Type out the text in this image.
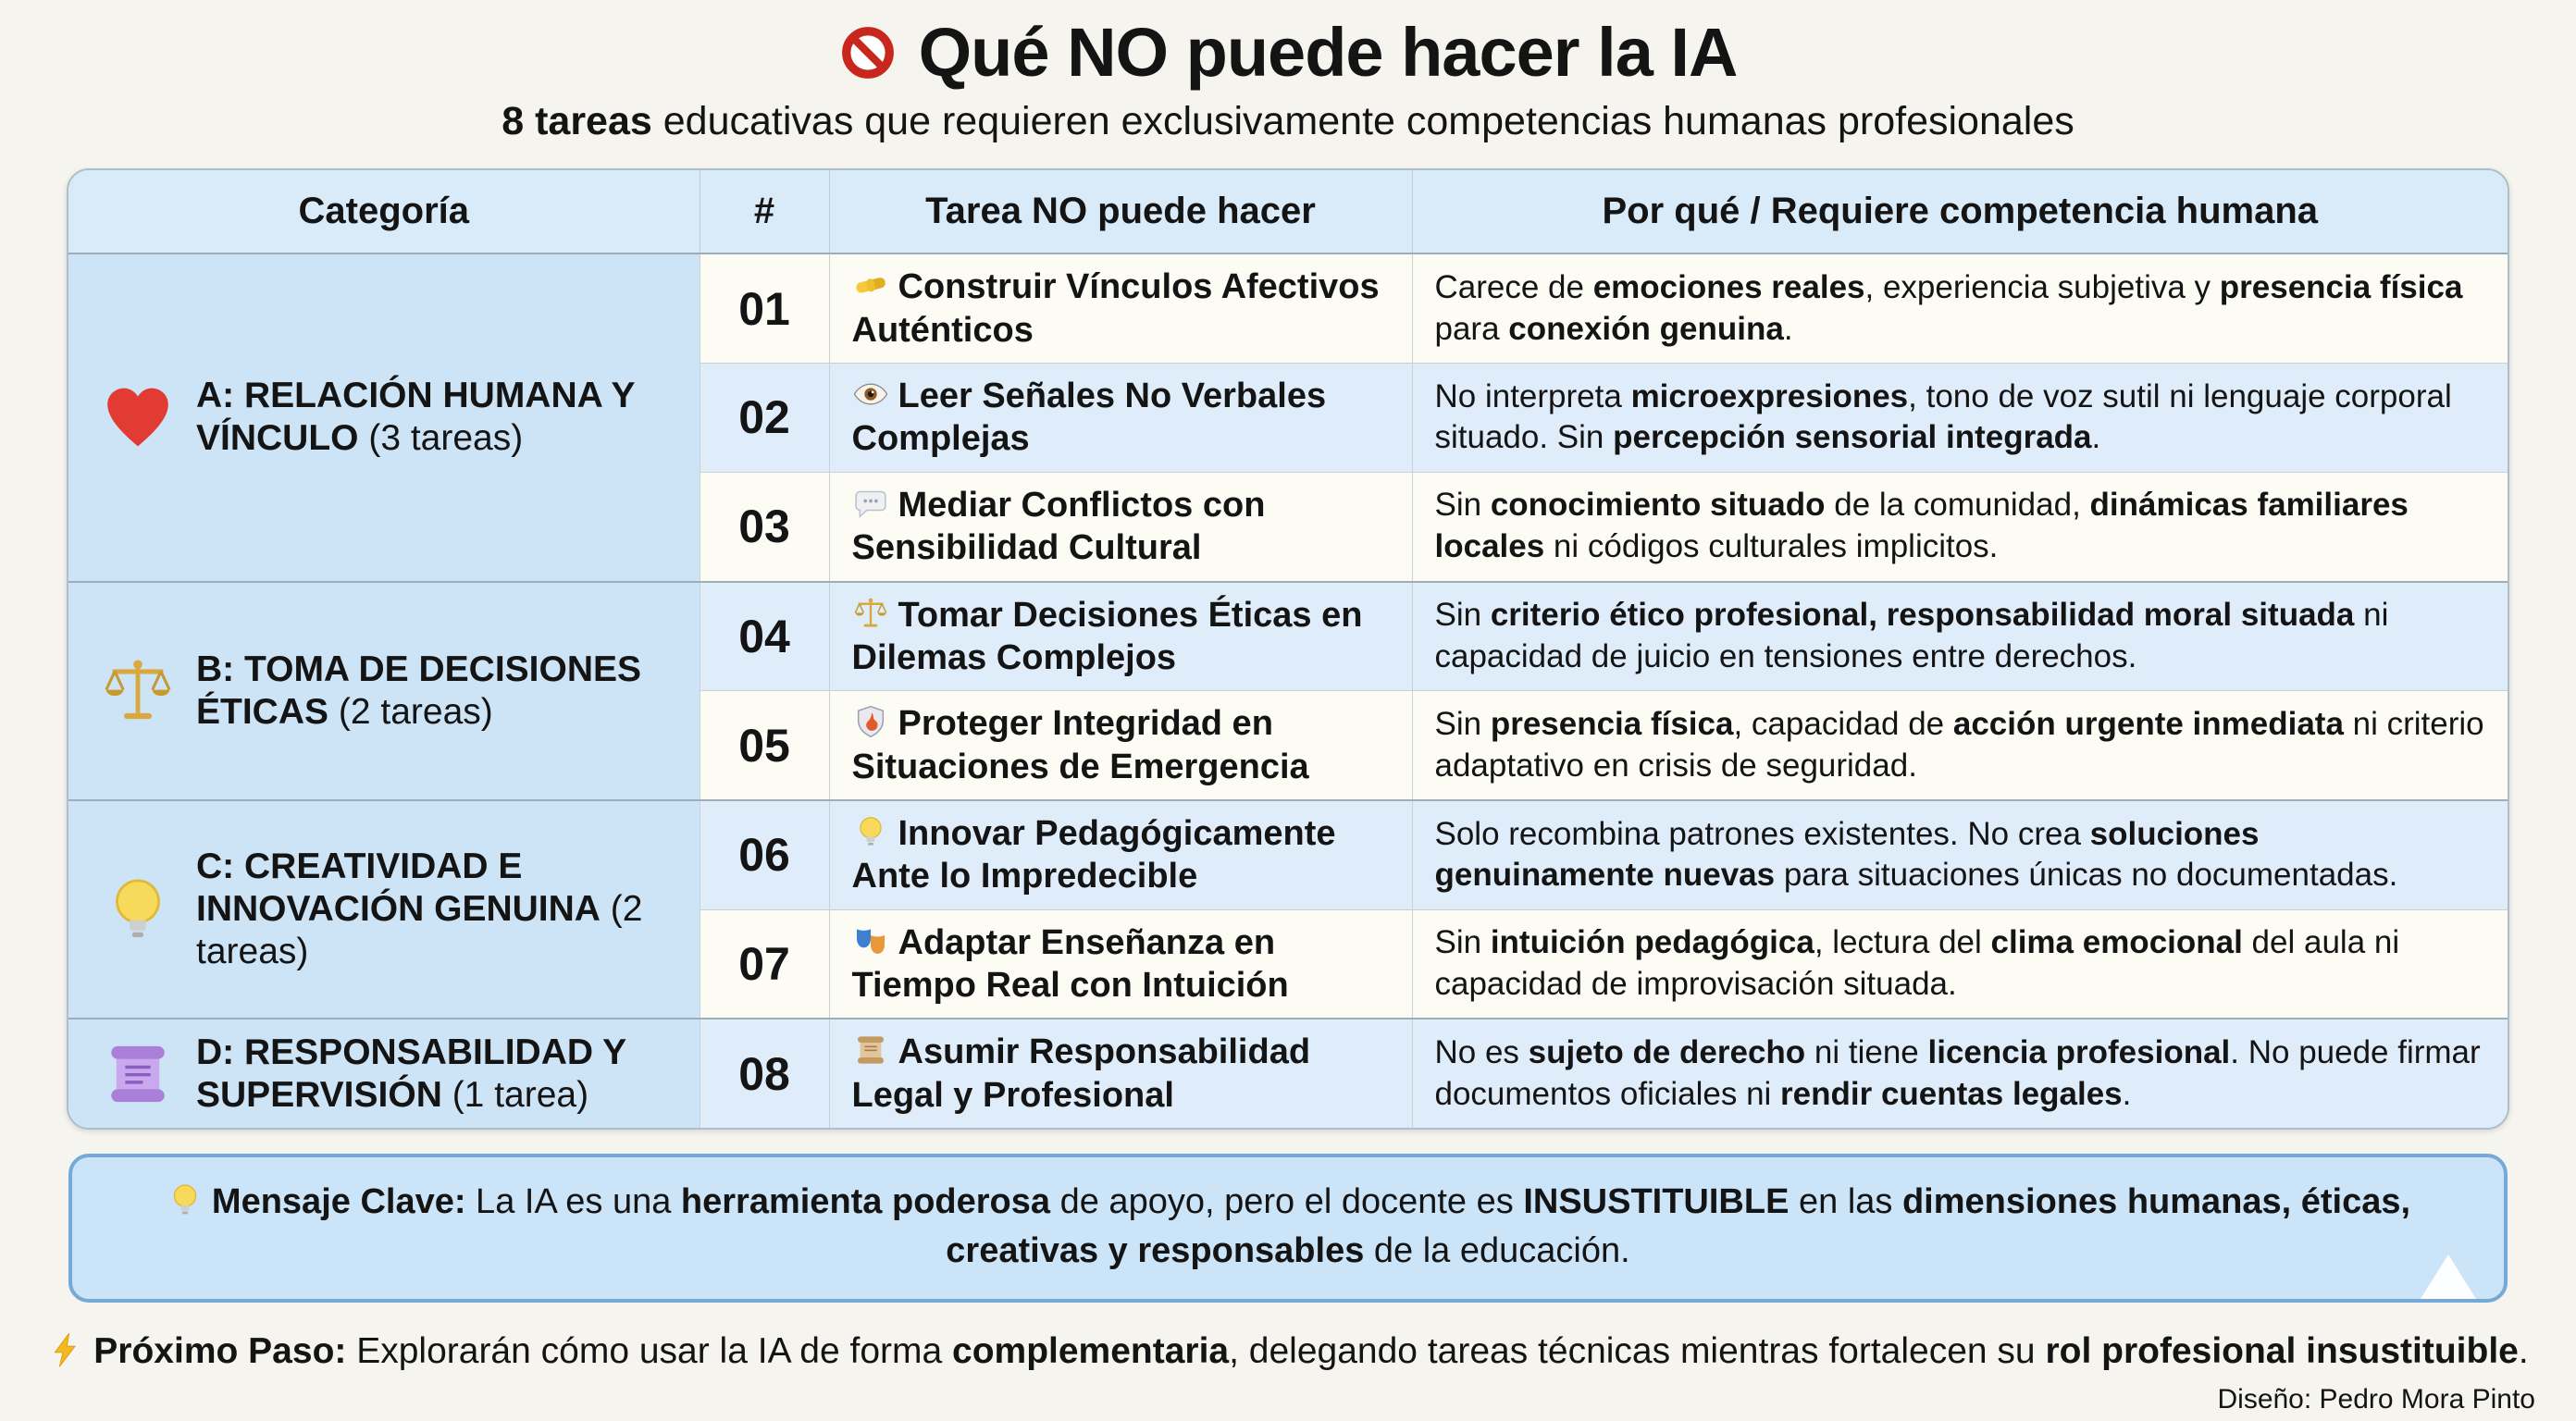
Qué NO puede hacer la IA

8 tareas educativas que requieren exclusivamente competencias humanas profesionales

Categoría	#	Tarea NO puede hacer	Por qué / Requiere competencia humana

A: RELACIÓN HUMANA Y VÍNCULO (3 tareas)	01	Construir Vínculos Afectivos Auténticos	Carece de emociones reales, experiencia subjetiva y presencia física para conexión genuina.
	02	Leer Señales No Verbales Complejas	No interpreta microexpresiones, tono de voz sutil ni lenguaje corporal situado. Sin percepción sensorial integrada.
	03	Mediar Conflictos con Sensibilidad Cultural	Sin conocimiento situado de la comunidad, dinámicas familiares locales ni códigos culturales implicitos.

B: TOMA DE DECISIONES ÉTICAS (2 tareas)	04	Tomar Decisiones Éticas en Dilemas Complejos	Sin criterio ético profesional, responsabilidad moral situada ni capacidad de juicio en tensiones entre derechos.
	05	Proteger Integridad en Situaciones de Emergencia	Sin presencia física, capacidad de acción urgente inmediata ni criterio adaptativo en crisis de seguridad.

C: CREATIVIDAD E INNOVACIÓN GENUINA (2 tareas)	06	Innovar Pedagógicamente Ante lo Impredecible	Solo recombina patrones existentes. No crea soluciones genuinamente nuevas para situaciones únicas no documentadas.
	07	Adaptar Enseñanza en Tiempo Real con Intuición	Sin intuición pedagógica, lectura del clima emocional del aula ni capacidad de improvisación situada.

D: RESPONSABILIDAD Y SUPERVISIÓN (1 tarea)	08	Asumir Responsabilidad Legal y Profesional	No es sujeto de derecho ni tiene licencia profesional. No puede firmar documentos oficiales ni rendir cuentas legales.
Mensaje Clave: La IA es una herramienta poderosa de apoyo, pero el docente es INSUSTITUIBLE en las dimensiones humanas, éticas, creativas y responsables de la educación.

Próximo Paso: Explorarán cómo usar la IA de forma complementaria, delegando tareas técnicas mientras fortalecen su rol profesional insustituible.

Diseño: Pedro Mora Pinto
